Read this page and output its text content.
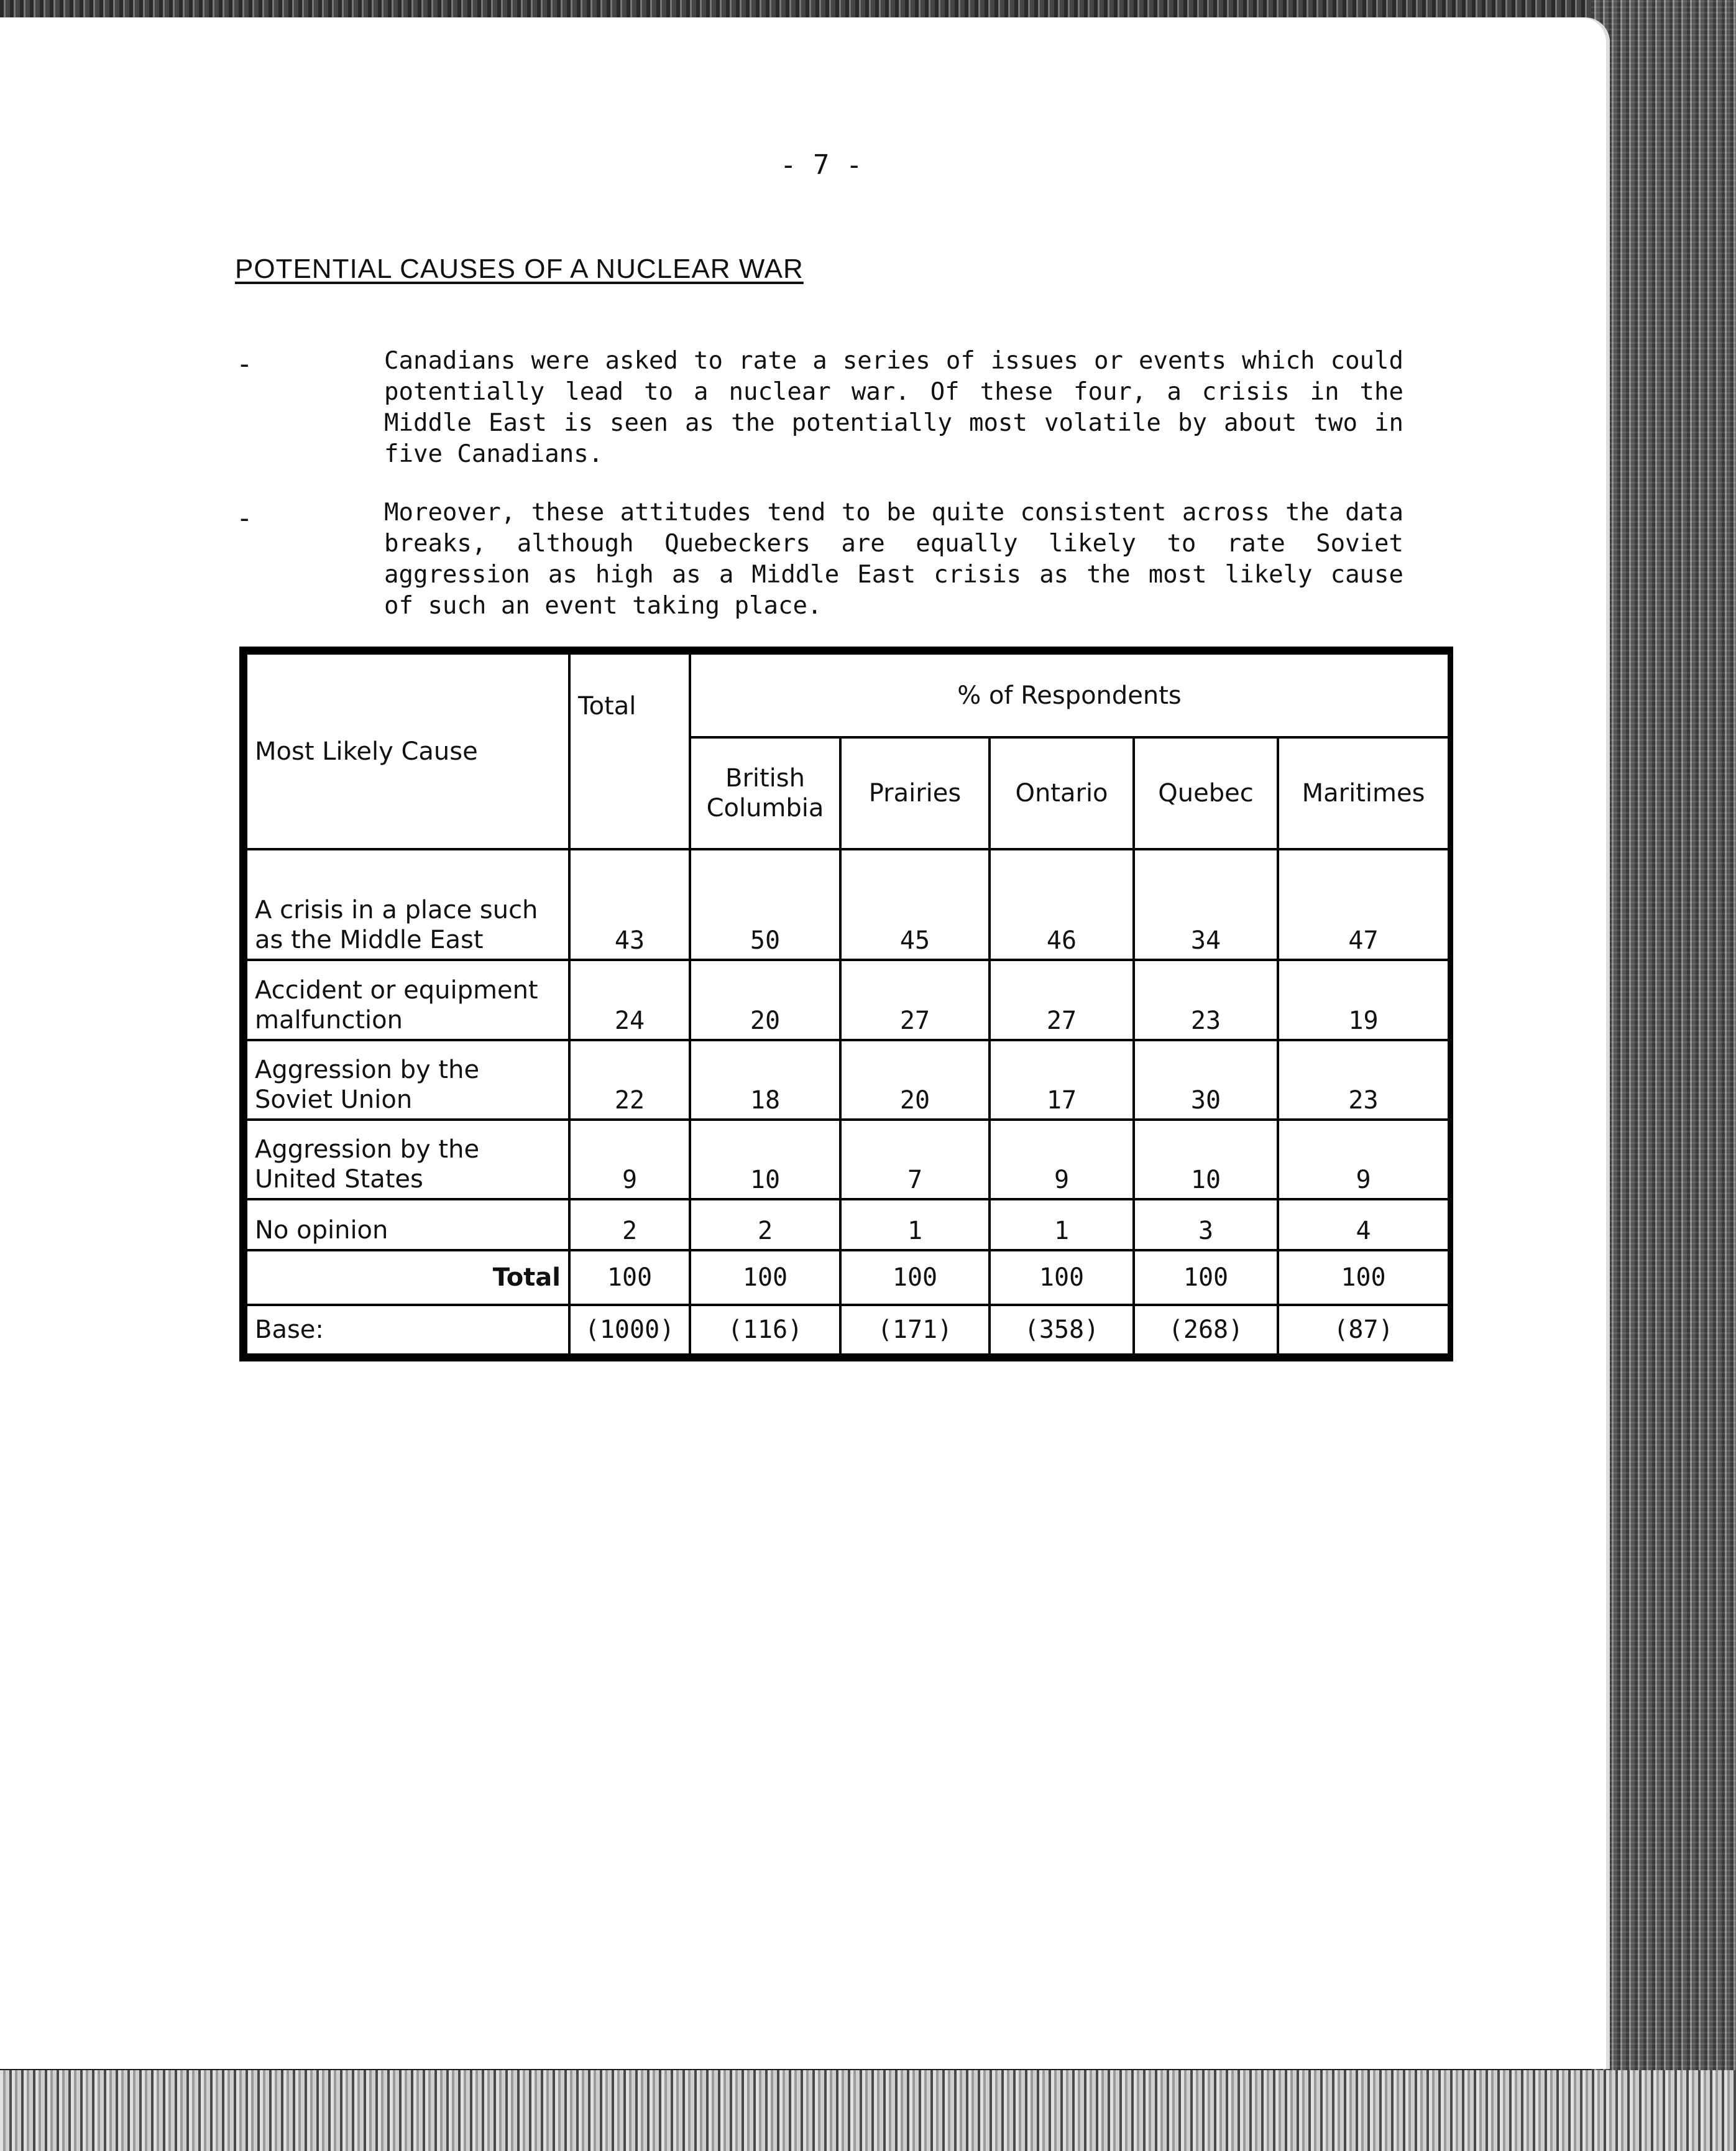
- 7 -
POTENTIAL CAUSES OF A NUCLEAR WAR
-	Canadians were asked to rate a series of issues or events which could potentially lead to a nuclear war. Of these four, a crisis in the Middle East is seen as the potentially most volatile by about two in five Canadians.
-	Moreover, these attitudes tend to be quite consistent across the data breaks, although Quebeckers are equally likely to rate Soviet aggression as high as a Middle East crisis as the most likely cause of such an event taking place.
Most Likely Cause	Total	% of Respondents				
		British Columbia	Prairies	Ontario	Quebec	Maritimes
A crisis in a place such as the Middle East	43	50	45	46	34	47
Accident or equipment malfunction	24	20	27	27	23	19
Aggression by the Soviet Union	22	18	20	17	30	23
Aggression by the United States	9	10	7	9	10	9
No opinion	2	2	1	1	3	4
Total	100	100	100	100	100	100
Base:	(1000)	(116)	(171)	(358)	(268)	(87)
